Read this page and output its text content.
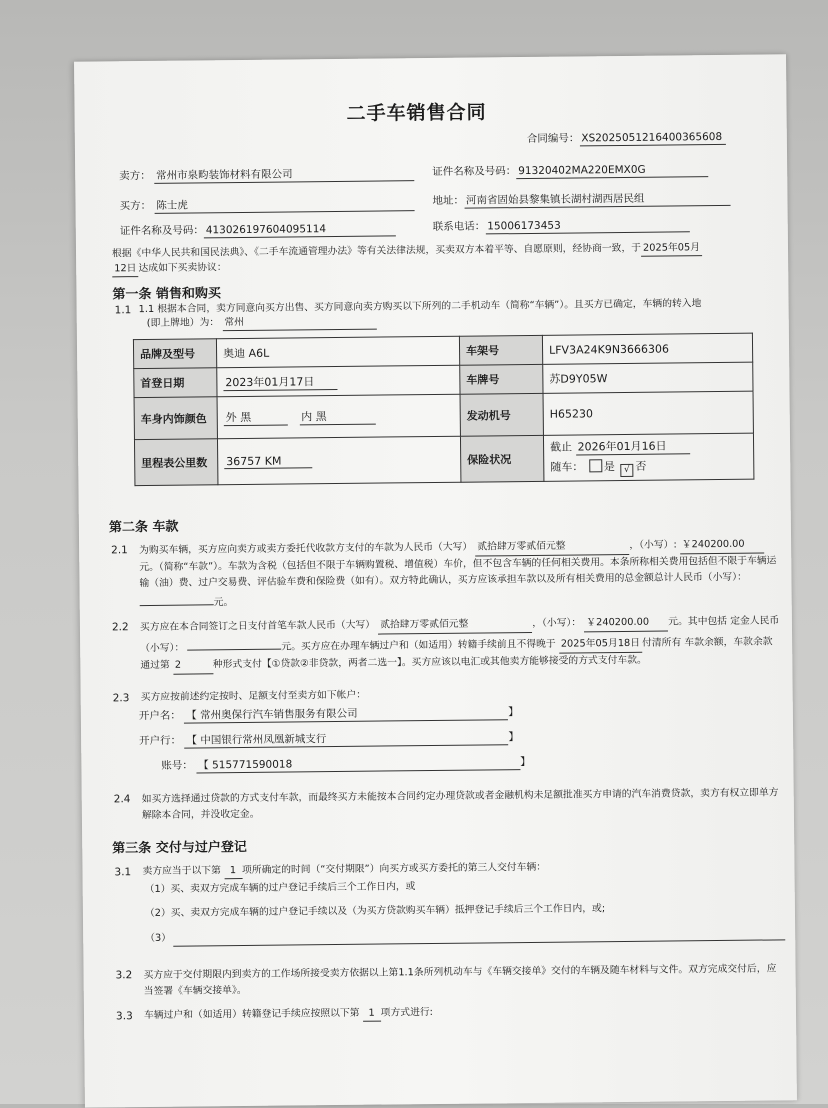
二手车销售合同
合同编号： XS2025051216400365608
卖方： 常州市泉畇装饰材料有限公司	证件名称及号码： 91320402MA220EMX0G
买方： 陈士虎	地址： 河南省固始县黎集镇长湖村湖西居民组
证件名称及号码： 413026197604095114	联系电话： 15006173453
根据《中华人民共和国民法典》、《二手车流通管理办法》等有关法律法规，买卖双方本着平等、自愿原则，经协商一致，于 2025年05月
12日 达成如下买卖协议：
第一条 销售和购买
1.1 1.1 根据本合同，卖方同意向买方出售、买方同意向卖方购买以下所列的二手机动车（简称“车辆”）。且买方已确定，车辆的转入地
(即上牌地）为： 常州
品牌及型号	奥迪 A6L	车架号	LFV3A24K9N3666306
首登日期	2023年01月17日	车牌号	苏D9Y05W
车身内饰颜色	外 黑 内 黑	发动机号	H65230
里程表公里数	36757 KM	保险状况	截止 2026年01月16日
随车： 是 √ 否
第二条 车款
2.1 为购买车辆，买方应向卖方或卖方委托代收款方支付的车款为人民币（大写） 贰拾肆万零贰佰元整	，（小写）: ￥240200.00元。（简称“车款”）。车款为含税（包括但不限于车辆购置税、增值税）车价，但不包含车辆的任何相关费用。本条所称相关费用包括但不限于车辆运输（油）费、过户交易费、评估验车费和保险费（如有）。双方特此确认，买方应该承担车款以及所有相关费用的总金额总计人民币（小写）： 元。
2.2 买方应在本合同签订之日支付首笔车款人民币（大写） 贰拾肆万零贰佰元整	，（小写）： ￥240200.00 元。其中包括 定金人民币（小写）：	元。买方应在办理车辆过户和（如适用）转籍手续前且不得晚于 2025年05月18日 付清所有 车款余额，车款余款通过第 2	种形式支付【①贷款②非贷款，两者二选一】。买方应该以电汇或其他卖方能够接受的方式支付车款。
2.3 买方应按前述约定按时、足额支付至卖方如下帐户：
开户名： 【 常州奥保行汽车销售服务有限公司	】
开户行： 【 中国银行常州凤凰新城支行	】
账号： 【 515771590018	】
2.4 如买方选择通过贷款的方式支付车款，而最终买方未能按本合同约定办理贷款或者金融机构未足额批准买方申请的汽车消费贷款，卖方有权立即单方解除本合同，并没收定金。
第三条 交付与过户登记
3.1 卖方应当于以下第 1 项所确定的时间（“交付期限”）向买方或买方委托的第三人交付车辆：
（1）买、卖双方完成车辆的过户登记手续后三个工作日内，或
（2）买、卖双方完成车辆的过户登记手续以及（为买方贷款购买车辆）抵押登记手续后三个工作日内，或;
（3）
3.2 买方应于交付期限内到卖方的工作场所接受卖方依据以上第1.1条所列机动车与《车辆交接单》交付的车辆及随车材料与文件。双方完成交付后，应当签署《车辆交接单》。
3.3 车辆过户和（如适用）转籍登记手续应按照以下第 1 项方式进行:
